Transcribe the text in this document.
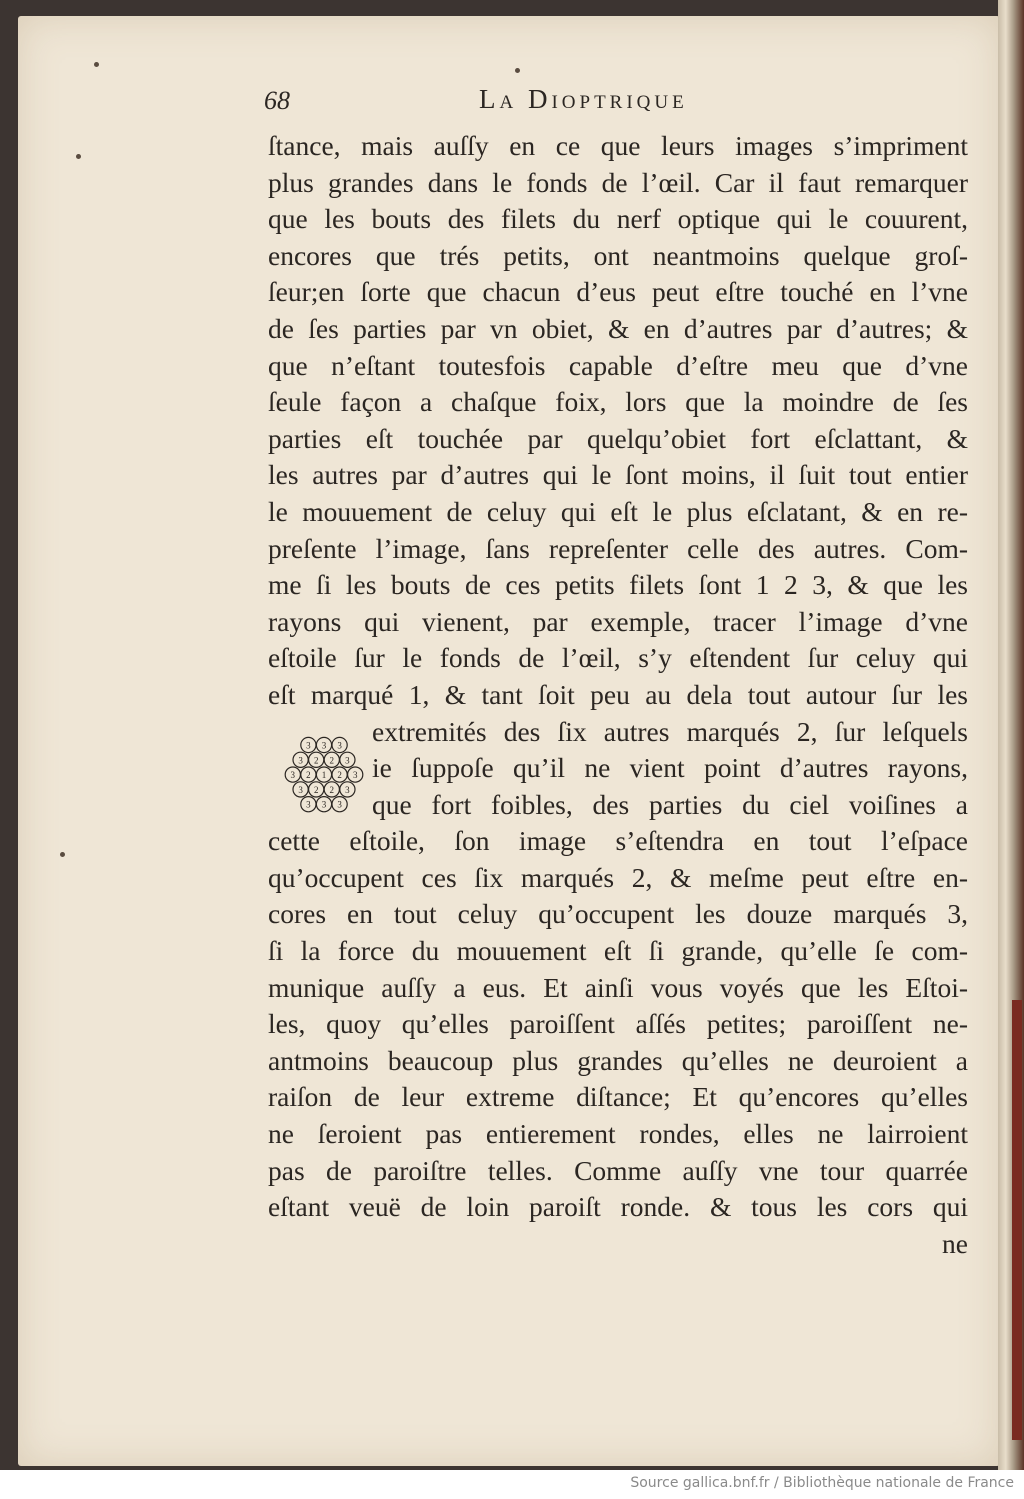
68	La Dioptrique
ſtance, mais auſſy en ce que leurs images s’impriment
plus grandes dans le fonds de l’œil. Car il faut remarquer
que les bouts des filets du nerf optique qui le couurent,
encores que trés petits, ont neantmoins quelque groſ-
ſeur;en ſorte que chacun d’eus peut eſtre touché en l’vne
de ſes parties par vn obiet, & en d’autres par d’autres; &
que n’eſtant toutesfois capable d’eſtre meu que d’vne
ſeule façon a chaſque foix, lors que la moindre de ſes
parties eſt touchée par quelqu’obiet fort eſclattant, &
les autres par d’autres qui le ſont moins, il ſuit tout entier
le mouuement de celuy qui eſt le plus eſclatant, & en re-
preſente l’image, ſans repreſenter celle des autres. Com-
me ſi les bouts de ces petits filets ſont 1 2 3, & que les
rayons qui vienent, par exemple, tracer l’image d’vne
eſtoile ſur le fonds de l’œil, s’y eſtendent ſur celuy qui
eſt marqué 1, & tant ſoit peu au dela tout autour ſur les
extremités des ſix autres marqués 2, ſur leſquels
ie ſuppoſe qu’il ne vient point d’autres rayons,
que fort foibles, des parties du ciel voiſines a
cette eſtoile, ſon image s’eſtendra en tout l’eſpace
qu’occupent ces ſix marqués 2, & meſme peut eſtre en-
cores en tout celuy qu’occupent les douze marqués 3,
ſi la force du mouuement eſt ſi grande, qu’elle ſe com-
munique auſſy a eus. Et ainſi vous voyés que les Eſtoi-
les, quoy qu’elles paroiſſent aſſés petites; paroiſſent ne-
antmoins beaucoup plus grandes qu’elles ne deuroient a
raiſon de leur extreme diſtance; Et qu’encores qu’elles
ne ſeroient pas entierement rondes, elles ne lairroient
pas de paroiſtre telles. Comme auſſy vne tour quarrée
eſtant veuë de loin paroiſt ronde. & tous les cors qui
ne
3 3 3
3 2 2 3
3 2 1 2 3
3 2 2 3
3 3 3
Source gallica.bnf.fr / Bibliothèque nationale de France
